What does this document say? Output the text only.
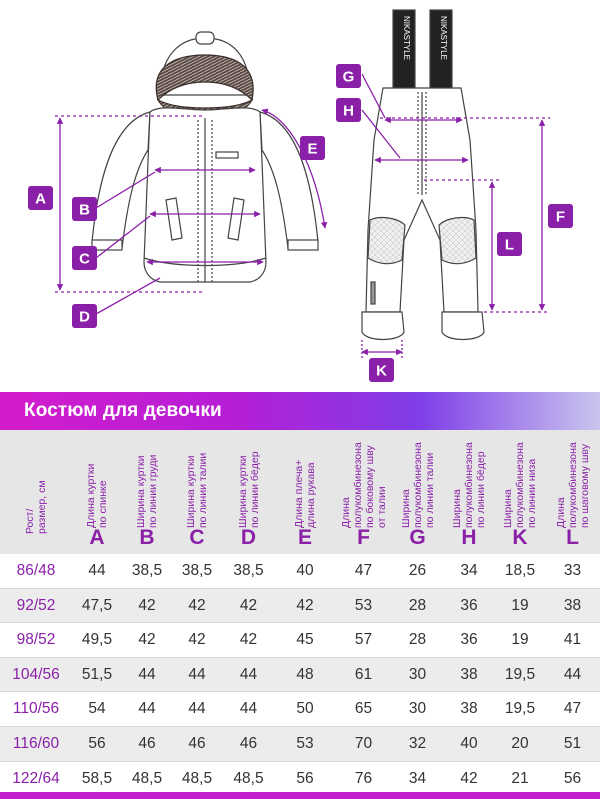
NIKASTYLE	NIKASTYLE
A
B
C
D
E
F
G
H
K
L
Костюм для девочки
Рост/
размер, см
Длина куртки
по спинке
A
Ширина куртки
по линии груди
B
Ширина куртки
по линии талии
C
Ширина куртки
по линии бёдер
D
Длина плеча+
длина рукава
E
Длина
полукомбинезона
по боковому шву
от талии
F
Ширина
полукомбинезона
по линии талии
G
Ширина
полукомбинезона
по линии бёдер
H
Ширина
полукомбинезона
по линии низа
K
Длина
полукомбинезона
по шаговому шву
L
86/48	44	38,5	38,5	38,5	40	47	26	34	18,5	33
92/52	47,5	42	42	42	42	53	28	36	19	38
98/52	49,5	42	42	42	45	57	28	36	19	41
104/56	51,5	44	44	44	48	61	30	38	19,5	44
110/56	54	44	44	44	50	65	30	38	19,5	47
116/60	56	46	46	46	53	70	32	40	20	51
122/64	58,5	48,5	48,5	48,5	56	76	34	42	21	56
